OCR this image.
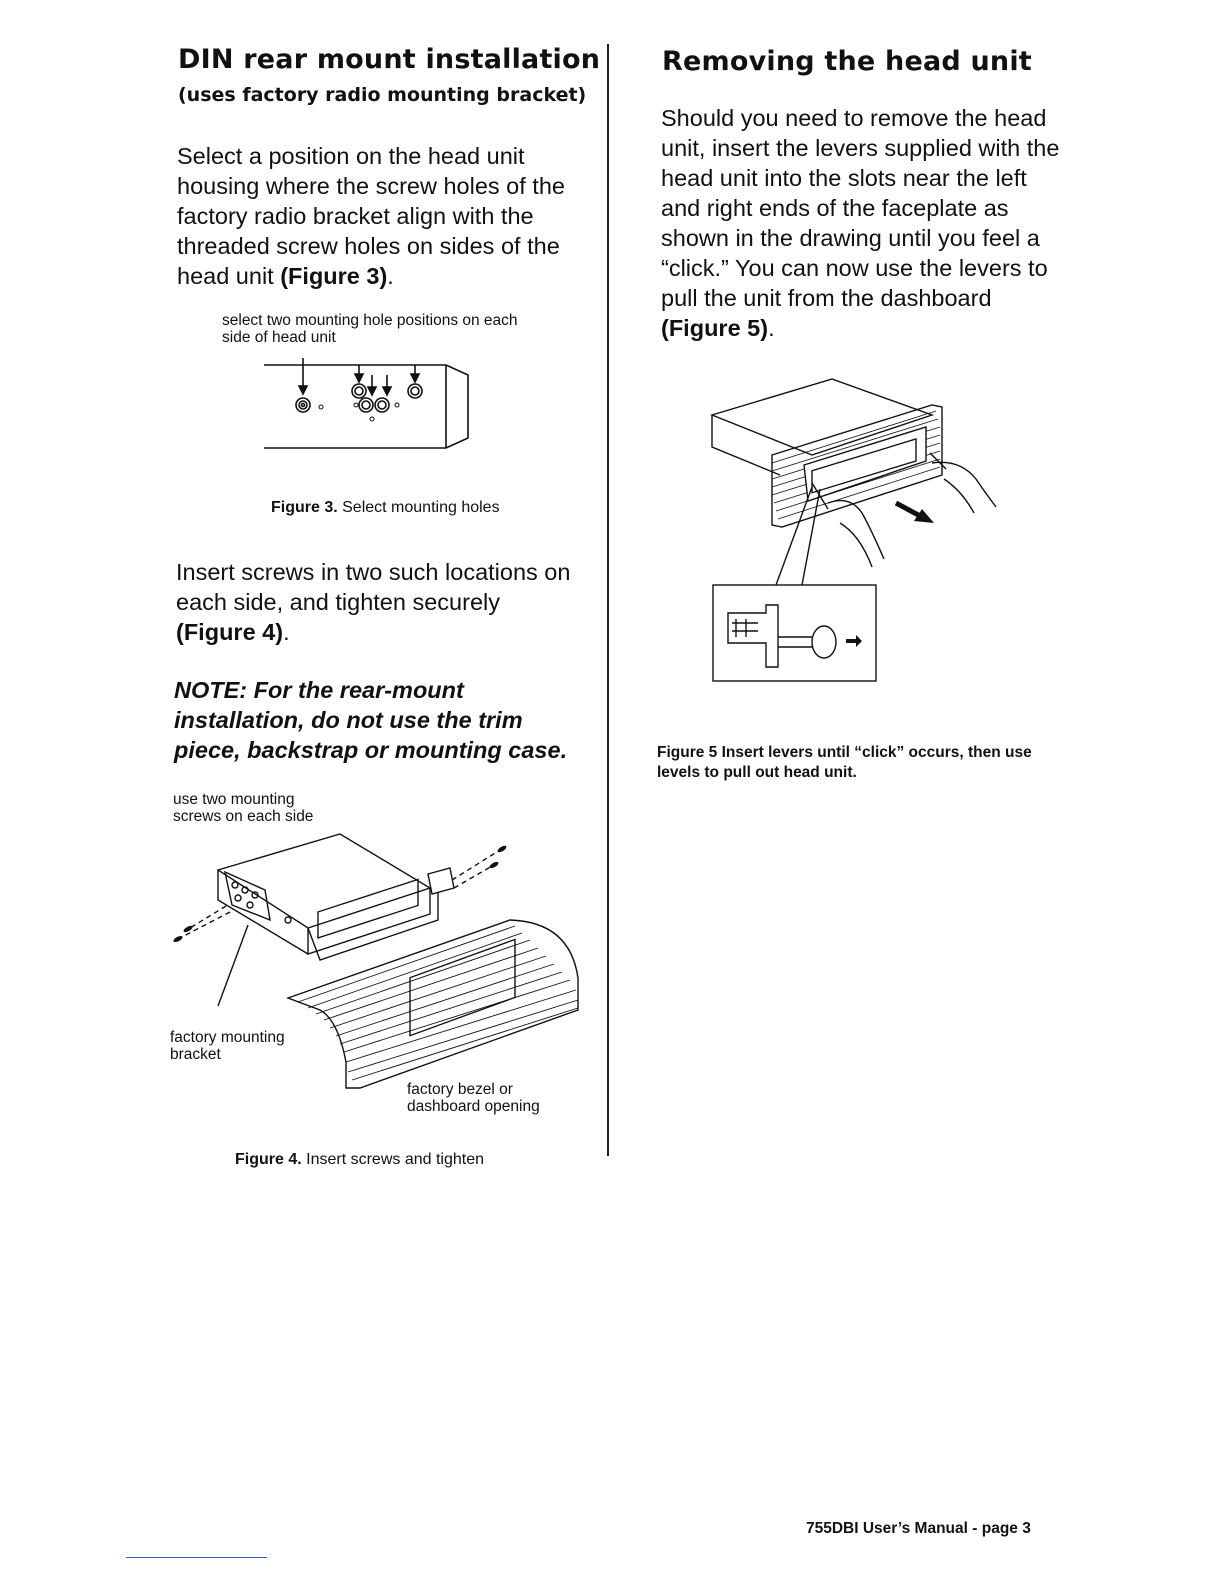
DIN rear mount installation
(uses factory radio mounting bracket)

Select a position on the head unit housing where the screw holes of the factory radio bracket align with the threaded screw holes on sides of the head unit (Figure 3).

select two mounting hole positions on each side of head unit

Figure 3. Select mounting holes

Insert screws in two such locations on each side, and tighten securely (Figure 4).

NOTE: For the rear-mount installation, do not use the trim piece, backstrap or mounting case.

use two mounting screws on each side

factory mounting bracket

factory bezel or dashboard opening

Figure 4. Insert screws and tighten

Removing the head unit

Should you need to remove the head unit, insert the levers supplied with the head unit into the slots near the left and right ends of the faceplate as shown in the drawing until you feel a “click.” You can now use the levers to pull the unit from the dashboard (Figure 5).

Figure 5 Insert levers until “click” occurs, then use levels to pull out head unit.

755DBI User’s Manual - page 3
